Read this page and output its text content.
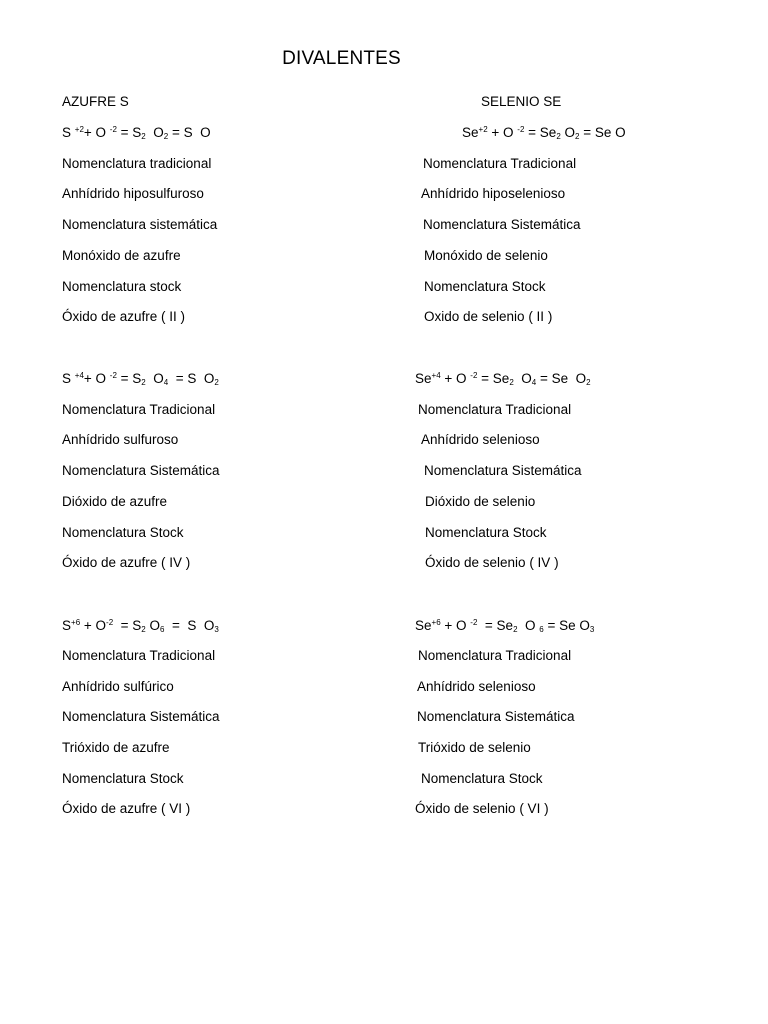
DIVALENTES
AZUFRE S
S $^{+2}$+ O $^{-2} = S_2$  $O_2 = S$  O
Nomenclatura tradicional
Anhídrido hiposulfuroso
Nomenclatura sistemática
Monóxido de azufre
Nomenclatura stock
Óxido de azufre ( II )
S $^{+4}$+ O $^{-2} = S_2$  $O_4 = S$  $O_2$
Nomenclatura Tradicional
Anhídrido sulfuroso
Nomenclatura Sistemática
Dióxido de azufre
Nomenclatura Stock
Óxido de azufre ( IV )
$S^{+6} + O^{-2} = S_2$ $O_6 = S$  $O_3$
Nomenclatura Tradicional
Anhídrido sulfúrico
Nomenclatura Sistemática
Trióxido de azufre
Nomenclatura Stock
Óxido de azufre ( VI )
SELENIO SE
$Se^{+2} + O$ $^{-2} = Se_2$ $O_2 = Se$ O
Nomenclatura Tradicional
Anhídrido hiposelenioso
Nomenclatura Sistemática
Monóxido de selenio
Nomenclatura Stock
Oxido de selenio ( II )
$Se^{+4} + O$ $^{-2} = Se_2$  $O_4 = Se$  $O_2$
Nomenclatura Tradicional
Anhídrido selenioso
Nomenclatura Sistemática
Dióxido de selenio
Nomenclatura Stock
Óxido de selenio ( IV )
$Se^{+6} + O$ $^{-2} = Se_2$  O $_6$ = Se $O_3$
Nomenclatura Tradicional
Anhídrido selenioso
Nomenclatura Sistemática
Trióxido de selenio
Nomenclatura Stock
Óxido de selenio ( VI )
